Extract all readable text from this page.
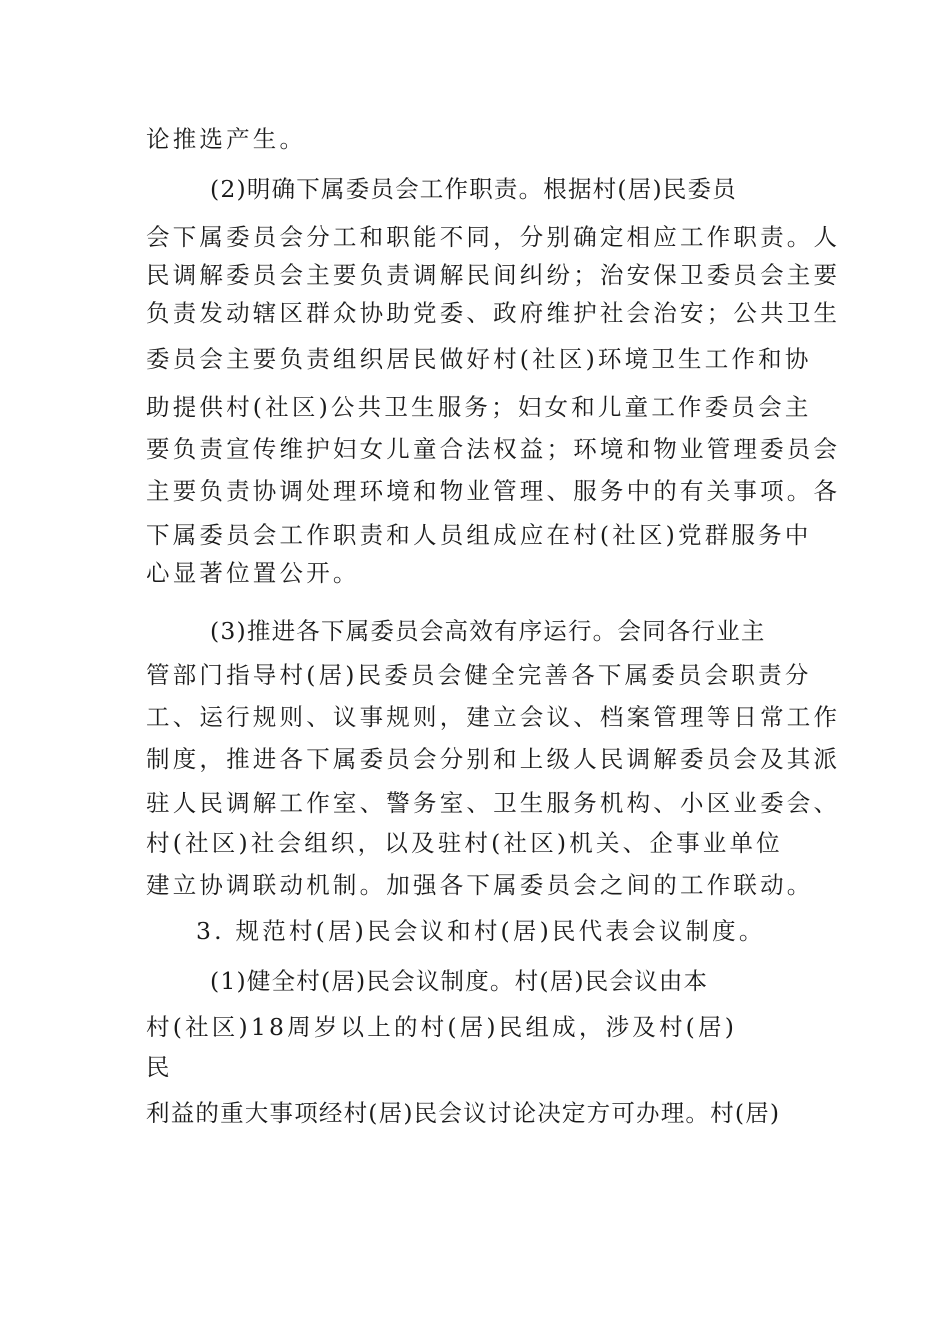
论推选产生。
(2)明确下属委员会工作职责。根据村(居)民委员
会下属委员会分工和职能不同，分别确定相应工作职责。人
民调解委员会主要负责调解民间纠纷；治安保卫委员会主要
负责发动辖区群众协助党委、政府维护社会治安；公共卫生
委员会主要负责组织居民做好村(社区)环境卫生工作和协
助提供村(社区)公共卫生服务；妇女和儿童工作委员会主
要负责宣传维护妇女儿童合法权益；环境和物业管理委员会
主要负责协调处理环境和物业管理、服务中的有关事项。各
下属委员会工作职责和人员组成应在村(社区)党群服务中
心显著位置公开。
(3)推进各下属委员会高效有序运行。会同各行业主
管部门指导村(居)民委员会健全完善各下属委员会职责分
工、运行规则、议事规则，建立会议、档案管理等日常工作
制度，推进各下属委员会分别和上级人民调解委员会及其派
驻人民调解工作室、警务室、卫生服务机构、小区业委会、
村(社区)社会组织，以及驻村(社区)机关、企事业单位
建立协调联动机制。加强各下属委员会之间的工作联动。
3. 规范村(居)民会议和村(居)民代表会议制度。
(1)健全村(居)民会议制度。村(居)民会议由本
村(社区)18周岁以上的村(居)民组成，涉及村(居)
民
利益的重大事项经村(居)民会议讨论决定方可办理。村(居)
